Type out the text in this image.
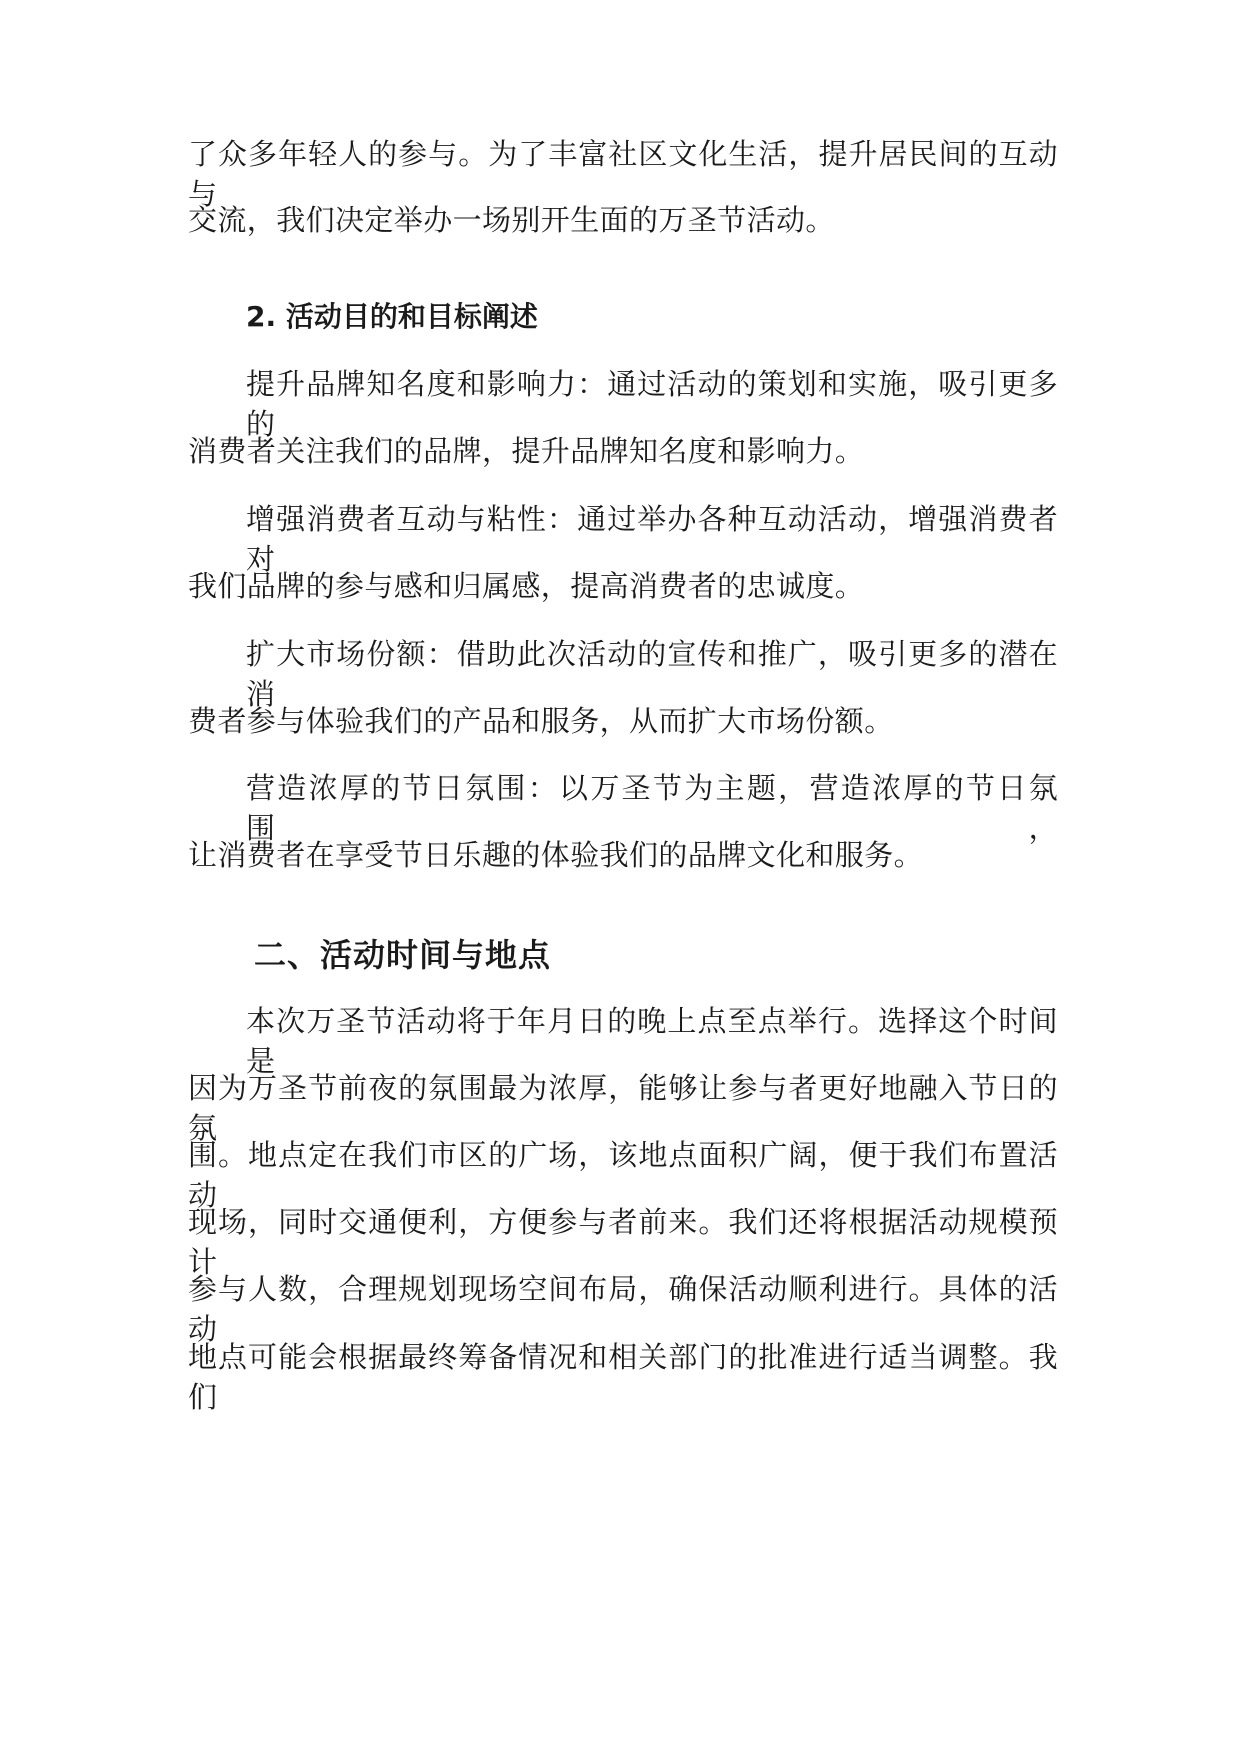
了众多年轻人的参与。为了丰富社区文化生活，提升居民间的互动与
交流，我们决定举办一场别开生面的万圣节活动。
2. 活动目的和目标阐述
提升品牌知名度和影响力：通过活动的策划和实施，吸引更多的
消费者关注我们的品牌，提升品牌知名度和影响力。
增强消费者互动与粘性：通过举办各种互动活动，增强消费者对
我们品牌的参与感和归属感，提高消费者的忠诚度。
扩大市场份额：借助此次活动的宣传和推广，吸引更多的潜在消
费者参与体验我们的产品和服务，从而扩大市场份额。
营造浓厚的节日氛围：以万圣节为主题，营造浓厚的节日氛围，
让消费者在享受节日乐趣的体验我们的品牌文化和服务。
二、活动时间与地点
本次万圣节活动将于年月日的晚上点至点举行。选择这个时间是
因为万圣节前夜的氛围最为浓厚，能够让参与者更好地融入节日的氛
围。地点定在我们市区的广场，该地点面积广阔，便于我们布置活动
现场，同时交通便利，方便参与者前来。我们还将根据活动规模预计
参与人数，合理规划现场空间布局，确保活动顺利进行。具体的活动
地点可能会根据最终筹备情况和相关部门的批准进行适当调整。我们
